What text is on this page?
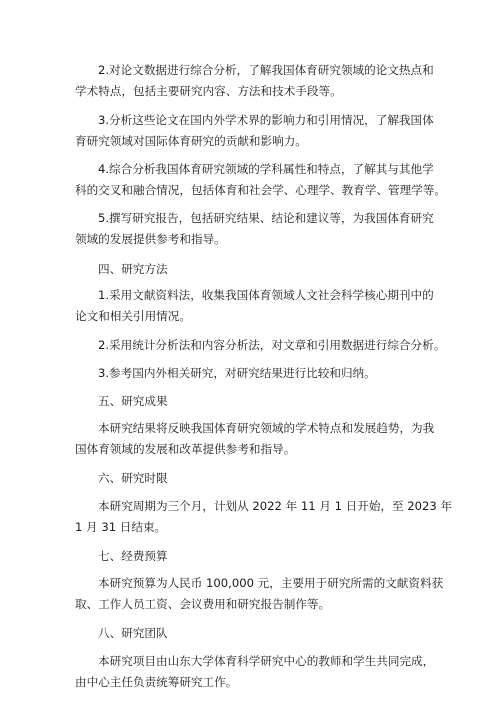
2.对论文数据进行综合分析，了解我国体育研究领域的论文热点和
学术特点，包括主要研究内容、方法和技术手段等。
3.分析这些论文在国内外学术界的影响力和引用情况，了解我国体
育研究领域对国际体育研究的贡献和影响力。
4.综合分析我国体育研究领域的学科属性和特点，了解其与其他学
科的交叉和融合情况，包括体育和社会学、心理学、教育学、管理学等。
5.撰写研究报告，包括研究结果、结论和建议等，为我国体育研究
领域的发展提供参考和指导。
四、研究方法
1.采用文献资料法，收集我国体育领域人文社会科学核心期刊中的
论文和相关引用情况。
2.采用统计分析法和内容分析法，对文章和引用数据进行综合分析。
3.参考国内外相关研究，对研究结果进行比较和归纳。
五、研究成果
本研究结果将反映我国体育研究领域的学术特点和发展趋势，为我
国体育领域的发展和改革提供参考和指导。
六、研究时限
本研究周期为三个月，计划从 2022 年 11 月 1 日开始，至 2023 年
1 月 31 日结束。
七、经费预算
本研究预算为人民币 100,000 元，主要用于研究所需的文献资料获
取、工作人员工资、会议费用和研究报告制作等。
八、研究团队
本研究项目由山东大学体育科学研究中心的教师和学生共同完成，
由中心主任负责统筹研究工作。
